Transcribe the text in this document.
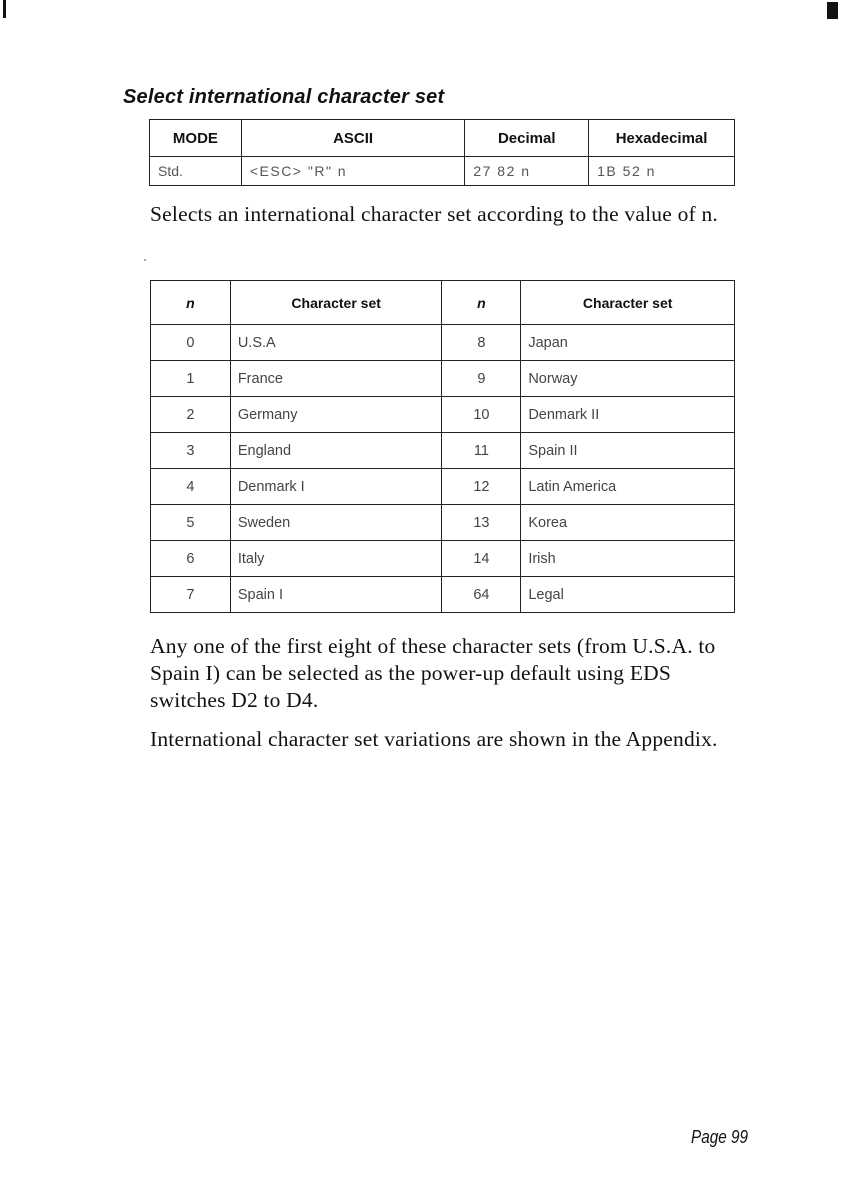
Select international character set
MODE	ASCII	Decimal	Hexadecimal
Std.	<ESC> "R" n	27 82 n	1B 52 n

Selects an international character set according to the value of n.

n	Character set	n	Character set
0	U.S.A	8	Japan
1	France	9	Norway
2	Germany	10	Denmark II
3	England	11	Spain II
4	Denmark I	12	Latin America
5	Sweden	13	Korea
6	Italy	14	Irish
7	Spain I	64	Legal

Any one of the first eight of these character sets (from U.S.A. to Spain I) can be selected as the power-up default using EDS switches D2 to D4.

International character set variations are shown in the Appendix.

Page 99
